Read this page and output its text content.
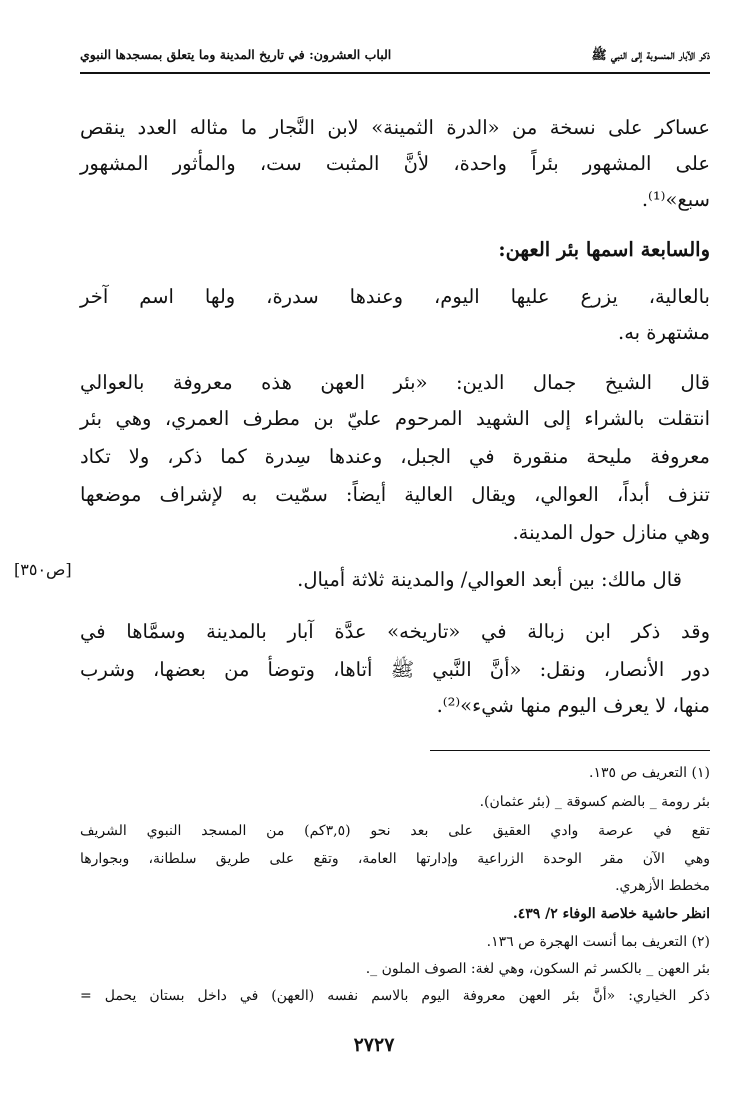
ذكر الآبار المنسوبة إلى النبي ﷺ
الباب العشرون: في تاريخ المدينة وما يتعلق بمسجدها النبوي
عساكر على نسخة من «الدرة الثمينة» لابن النَّجار ما مثاله العدد ينقص
على المشهور بئراً واحدة، لأنَّ المثبت ست، والمأثور المشهور
سبع»⁽¹⁾.
والسابعة اسمها بئر العهن:
بالعالية، يزرع عليها اليوم، وعندها سدرة، ولها اسم آخر
مشتهرة به.
قال الشيخ جمال الدين: «بئر العهن هذه معروفة بالعوالي
انتقلت بالشراء إلى الشهيد المرحوم عليّ بن مطرف العمري، وهي بئر
معروفة مليحة منقورة في الجبل، وعندها سِدرة كما ذكر، ولا تكاد
تنزف أبداً، العوالي، ويقال العالية أيضاً: سمّيت به لإشراف موضعها
وهي منازل حول المدينة.
قال مالك: بين أبعد العوالي/ والمدينة ثلاثة أميال.
وقد ذكر ابن زبالة في «تاريخه» عدَّة آبار بالمدينة وسمَّاها في
دور الأنصار، ونقل: «أنَّ النَّبي ﷺ أتاها، وتوضأ من بعضها، وشرب
منها، لا يعرف اليوم منها شيء»⁽²⁾.
[ص٣٥٠]
(١) التعريف ص ١٣٥.
بئر رومة _ بالضم كسوقة _ (بئر عثمان).
تقع في عرصة وادي العقيق على بعد نحو (٣,٥كم) من المسجد النبوي الشريف
وهي الآن مقر الوحدة الزراعية وإدارتها العامة، وتقع على طريق سلطانة، وبجوارها
مخطط الأزهري.
انظر حاشية خلاصة الوفاء ٢/ ٤٣٩.
(٢) التعريف بما أنست الهجرة ص ١٣٦.
بئر العهن _ بالكسر ثم السكون، وهي لغة: الصوف الملون _.
ذكر الخياري: «أنَّ بئر العهن معروفة اليوم بالاسم نفسه (العهن) في داخل بستان يحمل =
٢٧٢٧
